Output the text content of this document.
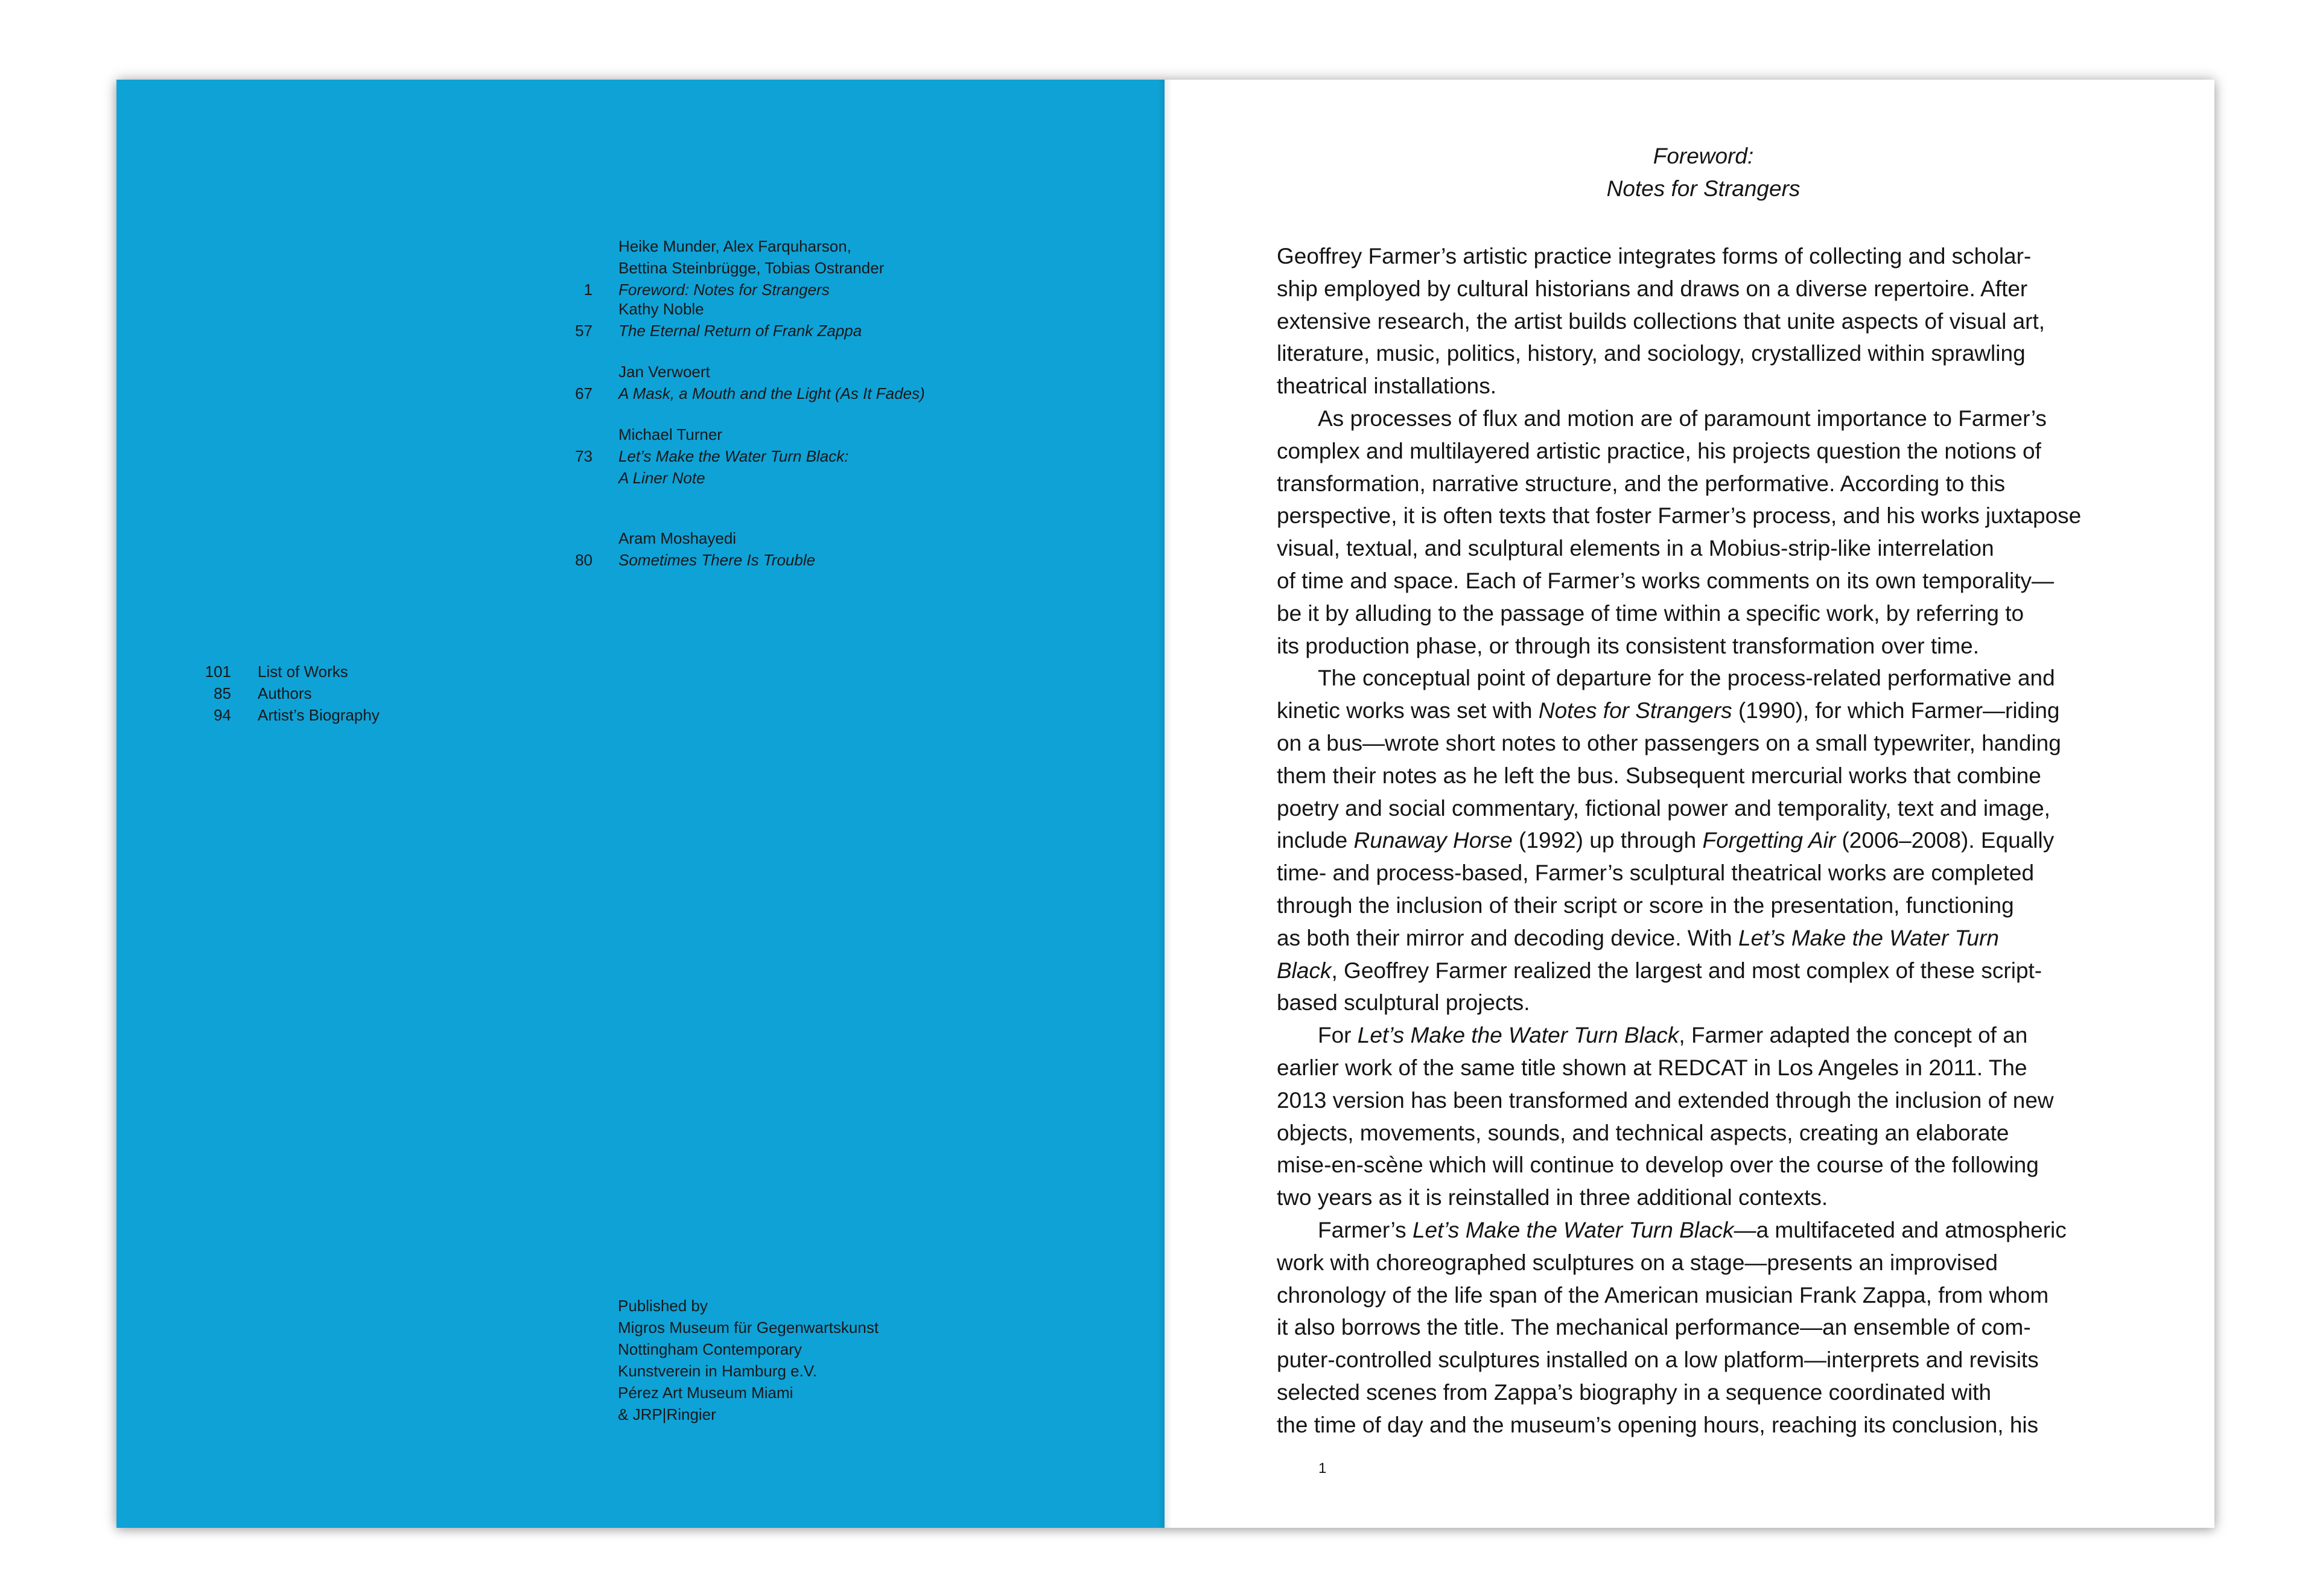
1
Heike Munder, Alex Farquharson,
Bettina Steinbrügge, Tobias Ostrander
Foreword: Notes for Strangers
57
Kathy Noble
The Eternal Return of Frank Zappa
67
Jan Verwoert
A Mask, a Mouth and the Light (As It Fades)
73
Michael Turner
Let’s Make the Water Turn Black:
A Liner Note
80
Aram Moshayedi
Sometimes There Is Trouble
101 List of Works
85 Authors
94 Artist’s Biography
Published by
Migros Museum für Gegenwartskunst
Nottingham Contemporary
Kunstverein in Hamburg e.V.
Pérez Art Museum Miami
& JRP|Ringier
Foreword:
Notes for Strangers
Geoffrey Farmer’s artistic practice integrates forms of collecting and scholar-
ship employed by cultural historians and draws on a diverse repertoire. After
extensive research, the artist builds collections that unite aspects of visual art,
literature, music, politics, history, and sociology, crystallized within sprawling
theatrical installations.
As processes of flux and motion are of paramount importance to Farmer’s
complex and multilayered artistic practice, his projects question the notions of
transformation, narrative structure, and the performative. According to this
perspective, it is often texts that foster Farmer’s process, and his works juxtapose
visual, textual, and sculptural elements in a Mobius-strip-like interrelation
of time and space. Each of Farmer’s works comments on its own temporality—
be it by alluding to the passage of time within a specific work, by referring to
its production phase, or through its consistent transformation over time.
The conceptual point of departure for the process-related performative and
kinetic works was set with Notes for Strangers (1990), for which Farmer—riding
on a bus—wrote short notes to other passengers on a small typewriter, handing
them their notes as he left the bus. Subsequent mercurial works that combine
poetry and social commentary, fictional power and temporality, text and image,
include Runaway Horse (1992) up through Forgetting Air (2006–2008). Equally
time- and process-based, Farmer’s sculptural theatrical works are completed
through the inclusion of their script or score in the presentation, functioning
as both their mirror and decoding device. With Let’s Make the Water Turn
Black, Geoffrey Farmer realized the largest and most complex of these script-
based sculptural projects.
For Let’s Make the Water Turn Black, Farmer adapted the concept of an
earlier work of the same title shown at REDCAT in Los Angeles in 2011. The
2013 version has been transformed and extended through the inclusion of new
objects, movements, sounds, and technical aspects, creating an elaborate
mise-en-scène which will continue to develop over the course of the following
two years as it is reinstalled in three additional contexts.
Farmer’s Let’s Make the Water Turn Black—a multifaceted and atmospheric
work with choreographed sculptures on a stage—presents an improvised
chronology of the life span of the American musician Frank Zappa, from whom
it also borrows the title. The mechanical performance—an ensemble of com-
puter-controlled sculptures installed on a low platform—interprets and revisits
selected scenes from Zappa’s biography in a sequence coordinated with
the time of day and the museum’s opening hours, reaching its conclusion, his
1
